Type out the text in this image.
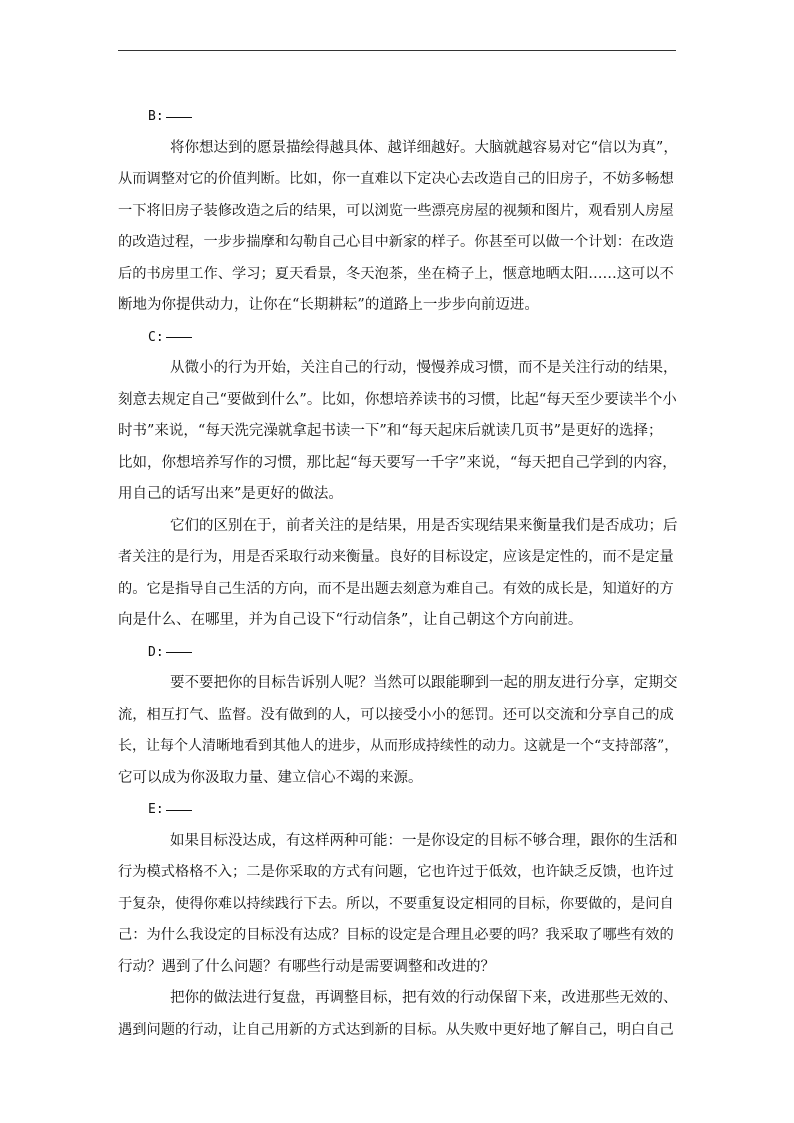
B:
将你想达到的愿景描绘得越具体、越详细越好。大脑就越容易对它“信以为真”，
从而调整对它的价值判断。比如，你一直难以下定决心去改造自己的旧房子，不妨多畅想
一下将旧房子装修改造之后的结果，可以浏览一些漂亮房屋的视频和图片，观看别人房屋
的改造过程，一步步揣摩和勾勒自己心目中新家的样子。你甚至可以做一个计划：在改造
后的书房里工作、学习；夏天看景，冬天泡茶，坐在椅子上，惬意地晒太阳……这可以不
断地为你提供动力，让你在“长期耕耘”的道路上一步步向前迈进。
C:
从微小的行为开始，关注自己的行动，慢慢养成习惯，而不是关注行动的结果，
刻意去规定自己“要做到什么”。比如，你想培养读书的习惯，比起“每天至少要读半个小
时书”来说，“每天洗完澡就拿起书读一下”和“每天起床后就读几页书”是更好的选择；
比如，你想培养写作的习惯，那比起“每天要写一千字”来说，“每天把自己学到的内容，
用自己的话写出来”是更好的做法。
它们的区别在于，前者关注的是结果，用是否实现结果来衡量我们是否成功；后
者关注的是行为，用是否采取行动来衡量。良好的目标设定，应该是定性的，而不是定量
的。它是指导自己生活的方向，而不是出题去刻意为难自己。有效的成长是，知道好的方
向是什么、在哪里，并为自己设下“行动信条”，让自己朝这个方向前进。
D:
要不要把你的目标告诉别人呢？当然可以跟能聊到一起的朋友进行分享，定期交
流，相互打气、监督。没有做到的人，可以接受小小的惩罚。还可以交流和分享自己的成
长，让每个人清晰地看到其他人的进步，从而形成持续性的动力。这就是一个“支持部落”，
它可以成为你汲取力量、建立信心不竭的来源。
E:
如果目标没达成，有这样两种可能：一是你设定的目标不够合理，跟你的生活和
行为模式格格不入；二是你采取的方式有问题，它也许过于低效，也许缺乏反馈，也许过
于复杂，使得你难以持续践行下去。所以，不要重复设定相同的目标，你要做的，是问自
己：为什么我设定的目标没有达成？目标的设定是合理且必要的吗？我采取了哪些有效的
行动？遇到了什么问题？有哪些行动是需要调整和改进的？
把你的做法进行复盘，再调整目标，把有效的行动保留下来，改进那些无效的、
遇到问题的行动，让自己用新的方式达到新的目标。从失败中更好地了解自己，明白自己
